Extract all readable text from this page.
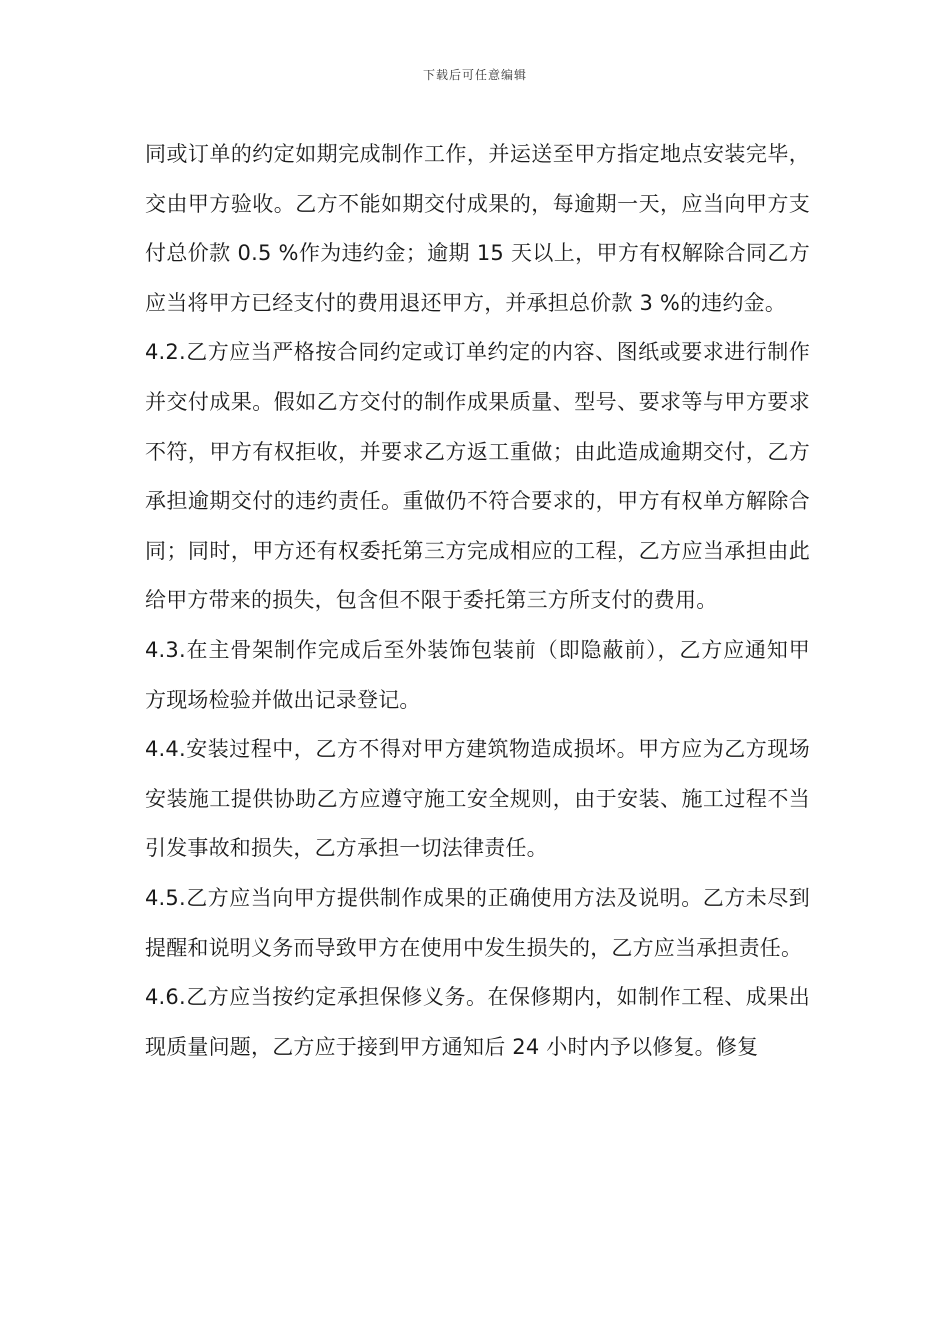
下载后可任意编辑

同或订单的约定如期完成制作工作，并运送至甲方指定地点安装完毕，交由甲方验收。乙方不能如期交付成果的，每逾期一天，应当向甲方支付总价款 0.5 %作为违约金；逾期 15 天以上，甲方有权解除合同乙方应当将甲方已经支付的费用退还甲方，并承担总价款 3 %的违约金。

4.2.乙方应当严格按合同约定或订单约定的内容、图纸或要求进行制作并交付成果。假如乙方交付的制作成果质量、型号、要求等与甲方要求不符，甲方有权拒收，并要求乙方返工重做；由此造成逾期交付，乙方承担逾期交付的违约责任。重做仍不符合要求的，甲方有权单方解除合同；同时，甲方还有权委托第三方完成相应的工程，乙方应当承担由此给甲方带来的损失，包含但不限于委托第三方所支付的费用。

4.3.在主骨架制作完成后至外装饰包装前（即隐蔽前），乙方应通知甲方现场检验并做出记录登记。

4.4.安装过程中，乙方不得对甲方建筑物造成损坏。甲方应为乙方现场安装施工提供协助乙方应遵守施工安全规则，由于安装、施工过程不当引发事故和损失，乙方承担一切法律责任。

4.5.乙方应当向甲方提供制作成果的正确使用方法及说明。乙方未尽到提醒和说明义务而导致甲方在使用中发生损失的，乙方应当承担责任。

4.6.乙方应当按约定承担保修义务。在保修期内，如制作工程、成果出现质量问题，乙方应于接到甲方通知后 24 小时内予以修复。修复
